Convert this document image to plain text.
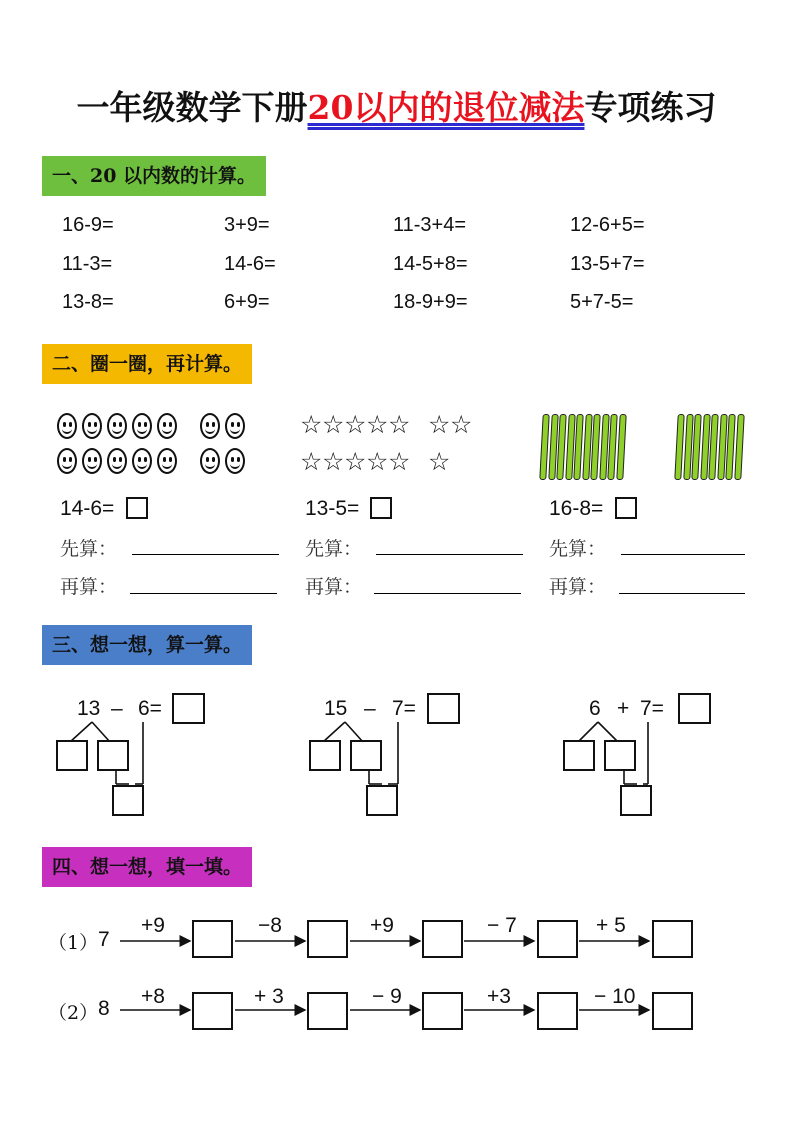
一年级数学下册20以内的退位减法专项练习
一、20 以内数的计算。
16-9=	3+9=	11-3+4=	12-6+5=
11-3=	14-6=	14-5+8=	13-5+7=
13-8=	6+9=	18-9+9=	5+7-5=
二、圈一圈，再计算。
☆☆☆☆☆ ☆☆
☆☆☆☆☆ ☆
14-6=	13-5=	16-8=
先算：	先算：	先算：
再算：	再算：	再算：
三、想一想，算一算。
13 – 6=	15 – 7=	6 + 7=
四、想一想，填一填。
（1） 7
+9	−8	+9	− 7	+ 5
（2） 8
+8	+ 3	− 9	+3	− 10
